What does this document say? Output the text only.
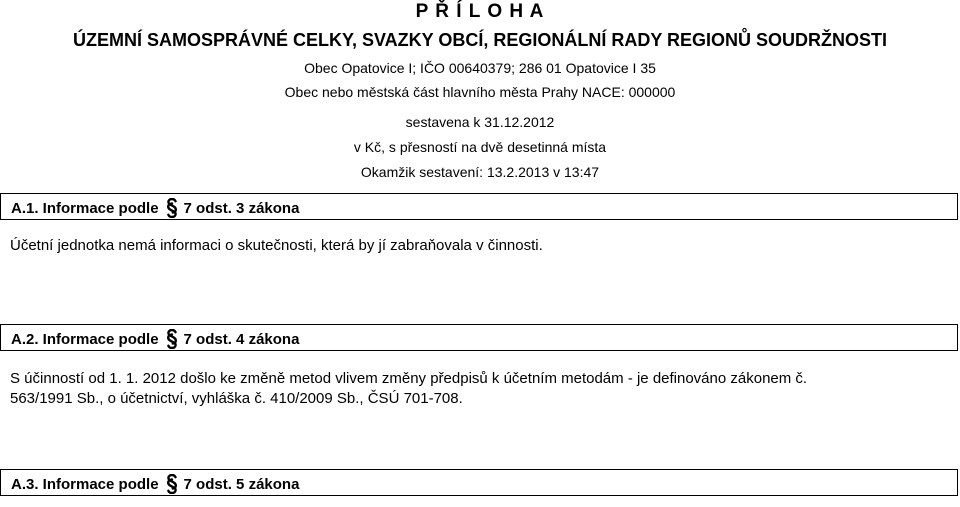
P Ř Í L O H A
ÚZEMNÍ SAMOSPRÁVNÉ CELKY, SVAZKY OBCÍ, REGIONÁLNÍ RADY REGIONŮ SOUDRŽNOSTI
Obec Opatovice I; IČO 00640379; 286 01 Opatovice I 35
Obec nebo městská část hlavního města Prahy NACE: 000000
sestavena k 31.12.2012
v Kč, s přesností na dvě desetinná místa
Okamžik sestavení: 13.2.2013 v 13:47
A.1. Informace podle 7 odst. 3 zákona
Účetní jednotka nemá informaci o skutečnosti, která by jí zabraňovala v činnosti.
A.2. Informace podle 7 odst. 4 zákona
S účinností od 1. 1. 2012 došlo ke změně metod vlivem změny předpisů k účetním metodám - je definováno zákonem č.
563/1991 Sb., o účetnictví, vyhláška č. 410/2009 Sb., ČSÚ 701-708.
A.3. Informace podle 7 odst. 5 zákona
